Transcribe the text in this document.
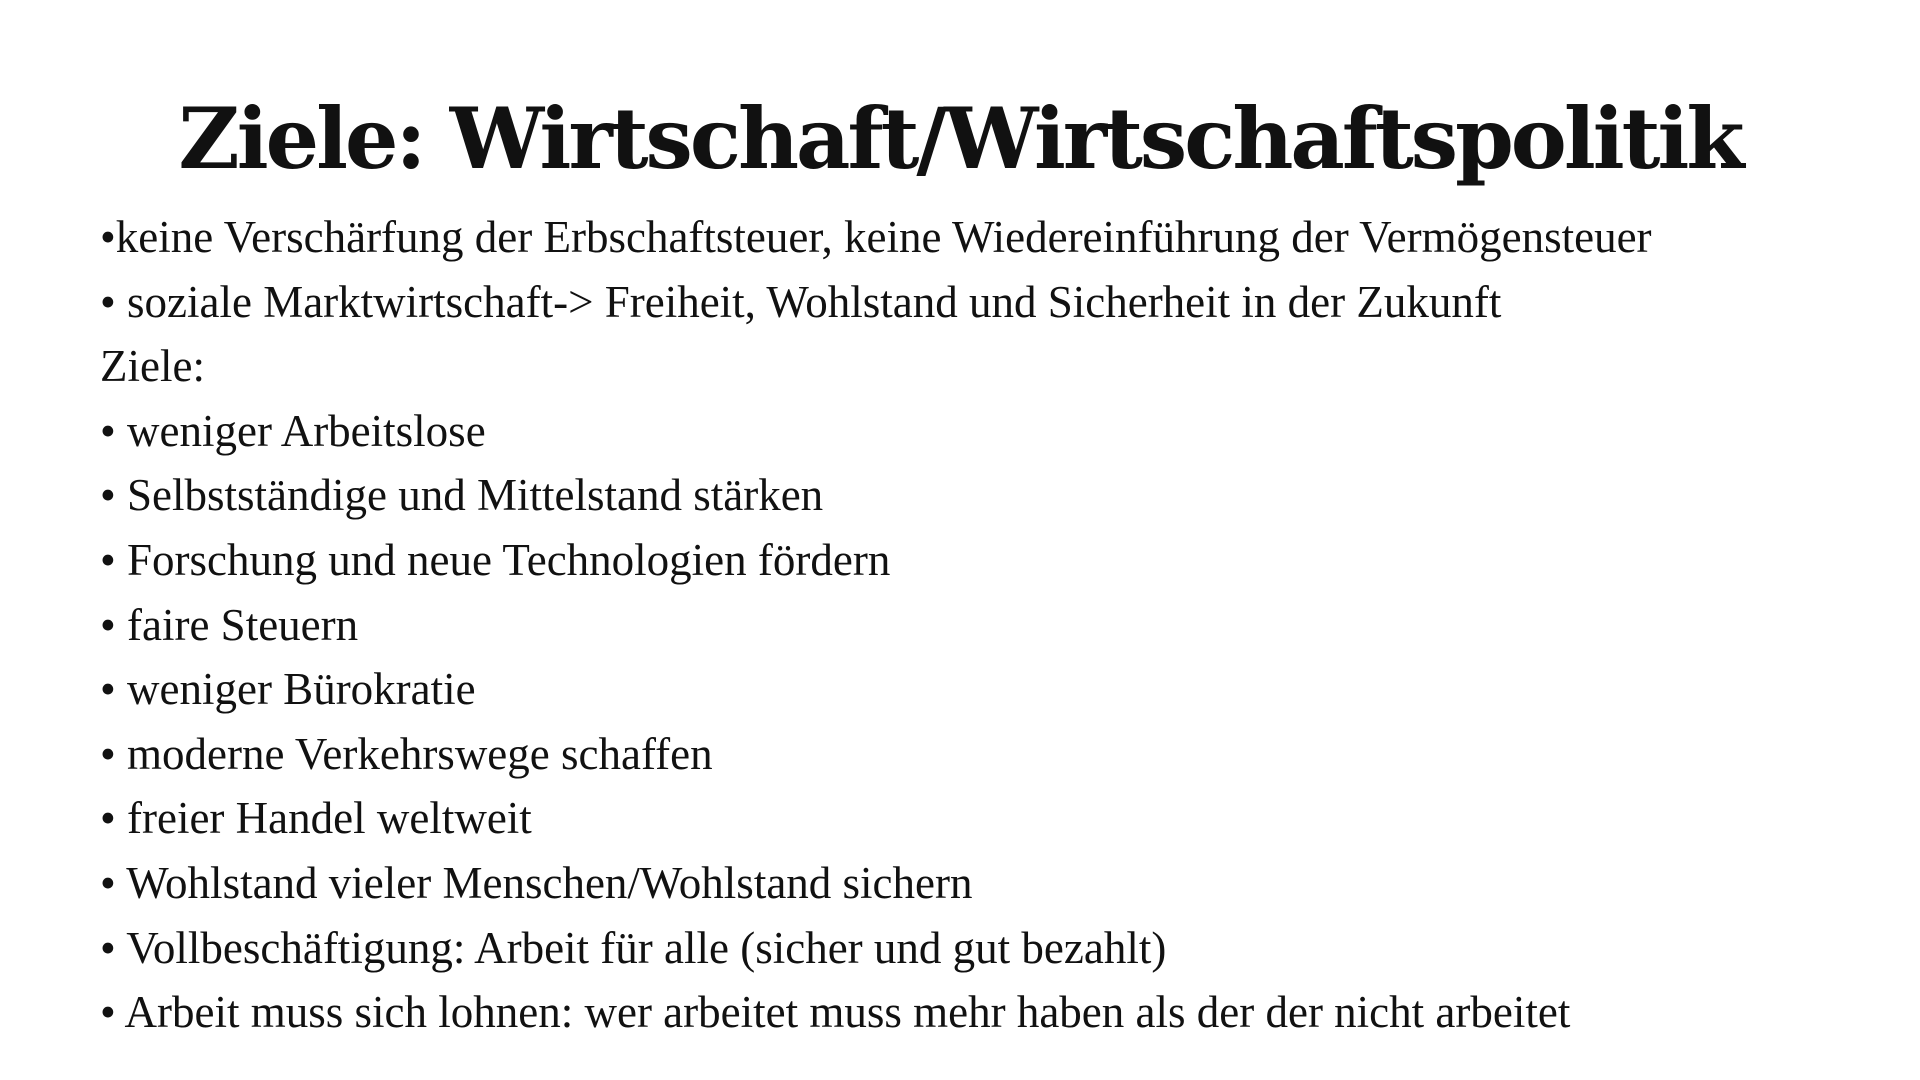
Ziele: Wirtschaft/Wirtschaftspolitik

•keine Verschärfung der Erbschaftsteuer, keine Wiedereinführung der Vermögensteuer

• soziale Marktwirtschaft-> Freiheit, Wohlstand und Sicherheit in der Zukunft

Ziele:

• weniger Arbeitslose

• Selbstständige und Mittelstand stärken

• Forschung und neue Technologien fördern

• faire Steuern

• weniger Bürokratie

• moderne Verkehrswege schaffen

• freier Handel weltweit

• Wohlstand vieler Menschen/Wohlstand sichern

• Vollbeschäftigung: Arbeit für alle (sicher und gut bezahlt)

• Arbeit muss sich lohnen: wer arbeitet muss mehr haben als der der nicht arbeitet
